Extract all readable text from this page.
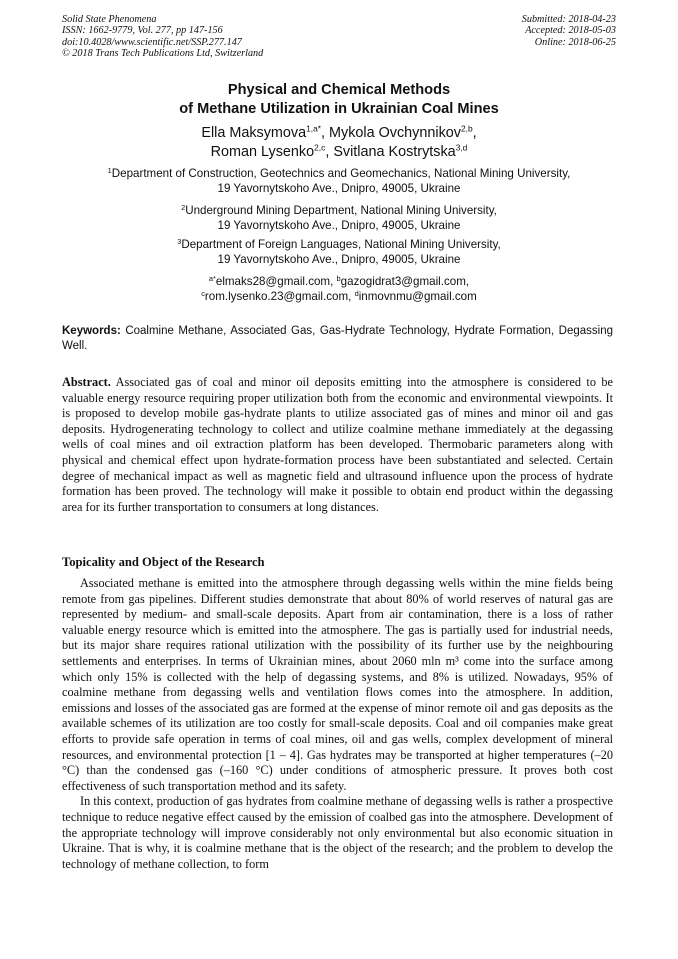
Solid State Phenomena
ISSN: 1662-9779, Vol. 277, pp 147-156
doi:10.4028/www.scientific.net/SSP.277.147
© 2018 Trans Tech Publications Ltd, Switzerland
Submitted: 2018-04-23
Accepted: 2018-05-03
Online: 2018-06-25
Physical and Chemical Methods
of Methane Utilization in Ukrainian Coal Mines
Ella Maksymova$^{1,a*}$, Mykola Ovchynnikov$^{2,b}$,
Roman Lysenko$^{2,c}$, Svitlana Kostrytska$^{3,d}$
$^1$Department of Construction, Geotechnics and Geomechanics, National Mining University,
19 Yavornytskoho Ave., Dnipro, 49005, Ukraine
$^2$Underground Mining Department, National Mining University,
19 Yavornytskoho Ave., Dnipro, 49005, Ukraine
$^3$Department of Foreign Languages, National Mining University,
19 Yavornytskoho Ave., Dnipro, 49005, Ukraine
$^{a*}$elmaks28@gmail.com, $^b$gazogidrat3@gmail.com,
$^c$rom.lysenko.23@gmail.com, $^d$inmovnmu@gmail.com
Keywords: Coalmine Methane, Associated Gas, Gas-Hydrate Technology, Hydrate Formation, Degassing Well.

Abstract. Associated gas of coal and minor oil deposits emitting into the atmosphere is considered to be valuable energy resource requiring proper utilization both from the economic and environmental viewpoints. It is proposed to develop mobile gas-hydrate plants to utilize associated gas of mines and minor oil and gas deposits. Hydrogenerating technology to collect and utilize coalmine methane immediately at the degassing wells of coal mines and oil extraction platform has been developed. Thermobaric parameters along with physical and chemical effect upon hydrate-formation process have been substantiated and selected. Certain degree of mechanical impact as well as magnetic field and ultrasound influence upon the process of hydrate formation has been proved. The technology will make it possible to obtain end product within the degassing area for its further transportation to consumers at long distances.

Topicality and Object of the Research

Associated methane is emitted into the atmosphere through degassing wells within the mine fields being remote from gas pipelines. Different studies demonstrate that about 80% of world reserves of natural gas are represented by medium- and small-scale deposits. Apart from air contamination, there is a loss of rather valuable energy resource which is emitted into the atmosphere. The gas is partially used for industrial needs, but its major share requires rational utilization with the possibility of its further use by the neighbouring settlements and enterprises. In terms of Ukrainian mines, about 2060 mln m³ come into the surface among which only 15% is collected with the help of degassing systems, and 8% is utilized. Nowadays, 95% of coalmine methane from degassing wells and ventilation flows comes into the atmosphere. In addition, emissions and losses of the associated gas are formed at the expense of minor remote oil and gas deposits as the available schemes of its utilization are too costly for small-scale deposits. Coal and oil companies make great efforts to provide safe operation in terms of coal mines, oil and gas wells, complex development of mineral resources, and environmental protection [1 – 4]. Gas hydrates may be transported at higher temperatures (–20 °C) than the condensed gas (–160 °C) under conditions of atmospheric pressure. It proves both cost effectiveness of such transportation method and its safety.

In this context, production of gas hydrates from coalmine methane of degassing wells is rather a prospective technique to reduce negative effect caused by the emission of coalbed gas into the atmosphere. Development of the appropriate technology will improve considerably not only environmental but also economic situation in Ukraine. That is why, it is coalmine methane that is the object of the research; and the problem to develop the technology of methane collection, to form
